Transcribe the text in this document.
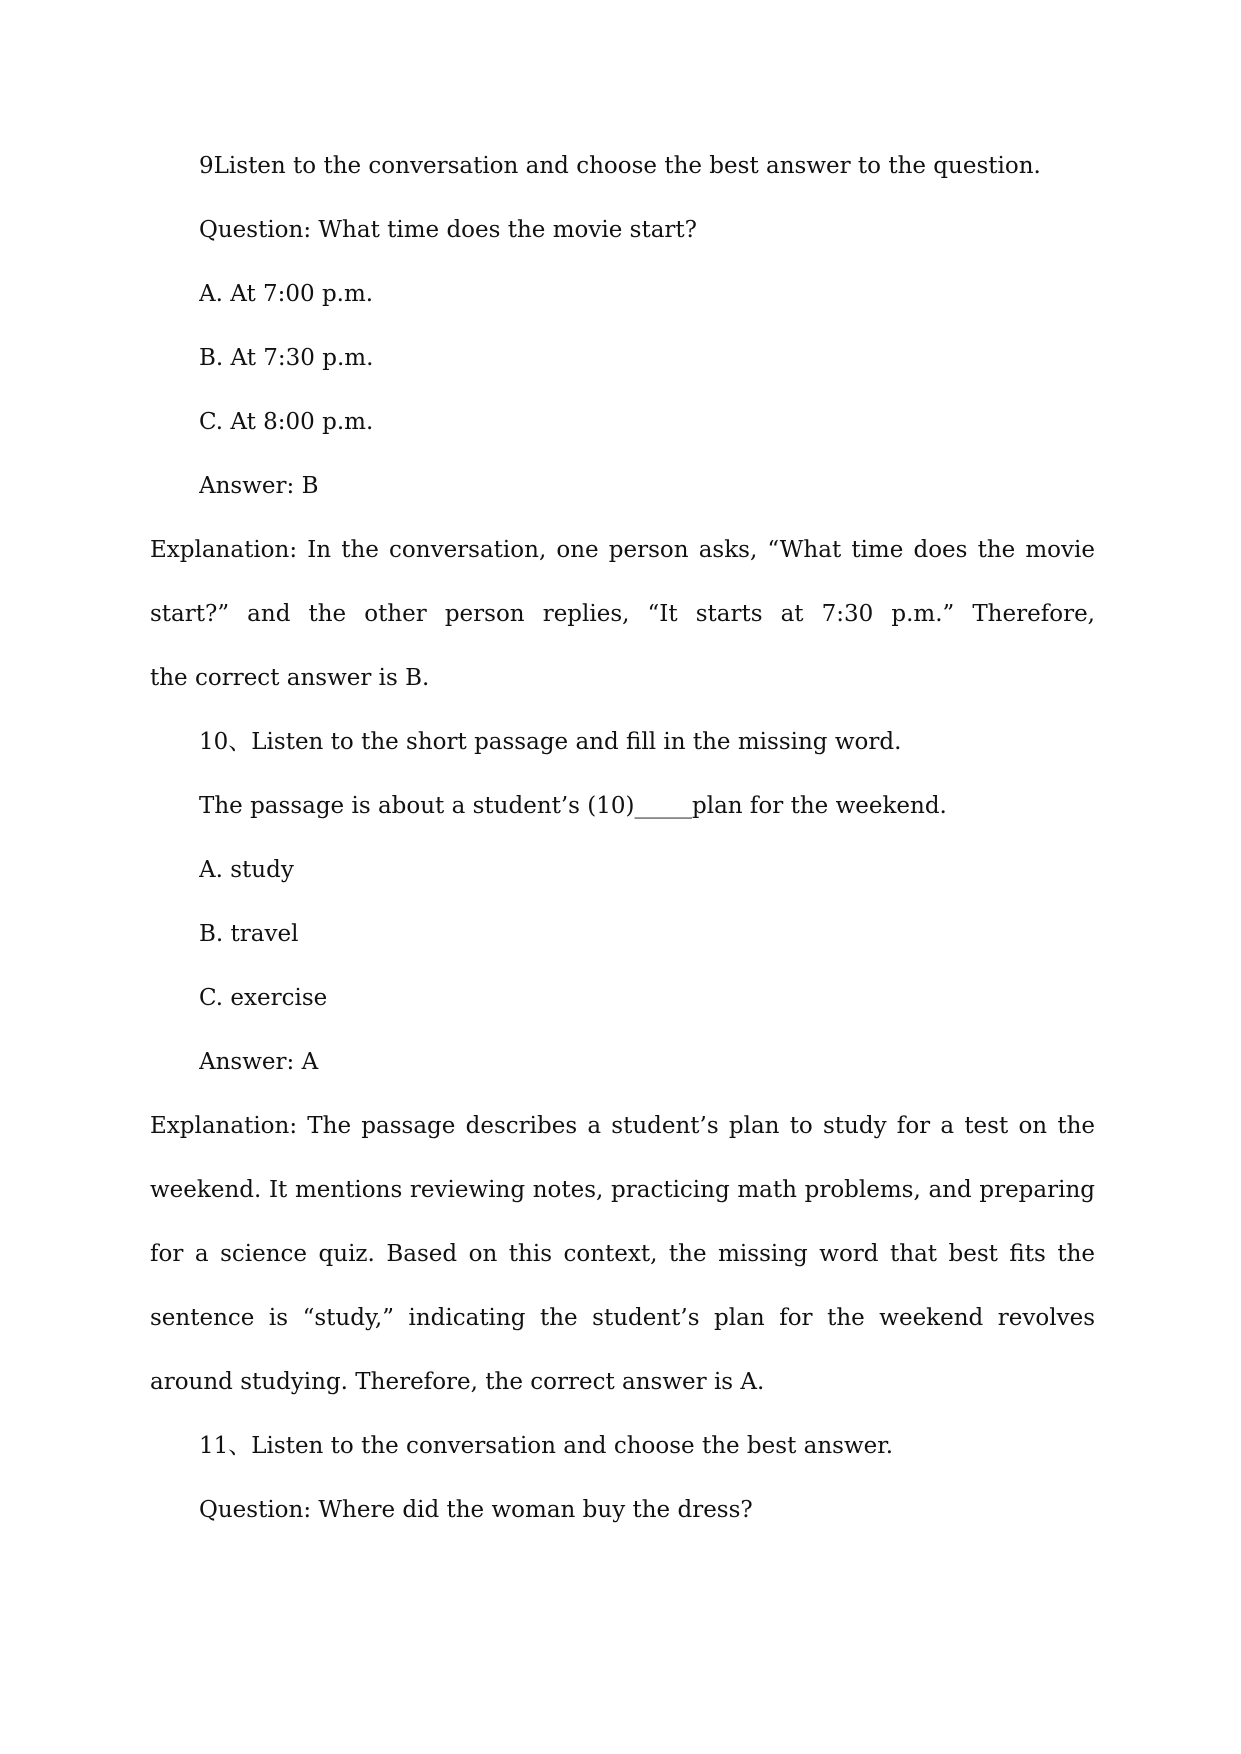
9Listen to the conversation and choose the best answer to the question.

Question: What time does the movie start?

A. At 7:00 p.m.

B. At 7:30 p.m.

C. At 8:00 p.m.

Answer: B

Explanation: In the conversation, one person asks, “What time does the movie

start?” and the other person replies, “It starts at 7:30 p.m.” Therefore,

the correct answer is B.

10、Listen to the short passage and fill in the missing word.

The passage is about a student’s (10)_____plan for the weekend.

A. study

B. travel

C. exercise

Answer: A

Explanation: The passage describes a student’s plan to study for a test on the

weekend. It mentions reviewing notes, practicing math problems, and preparing

for a science quiz. Based on this context, the missing word that best fits the

sentence is “study,” indicating the student’s plan for the weekend revolves

around studying. Therefore, the correct answer is A.

11、Listen to the conversation and choose the best answer.

Question: Where did the woman buy the dress?
